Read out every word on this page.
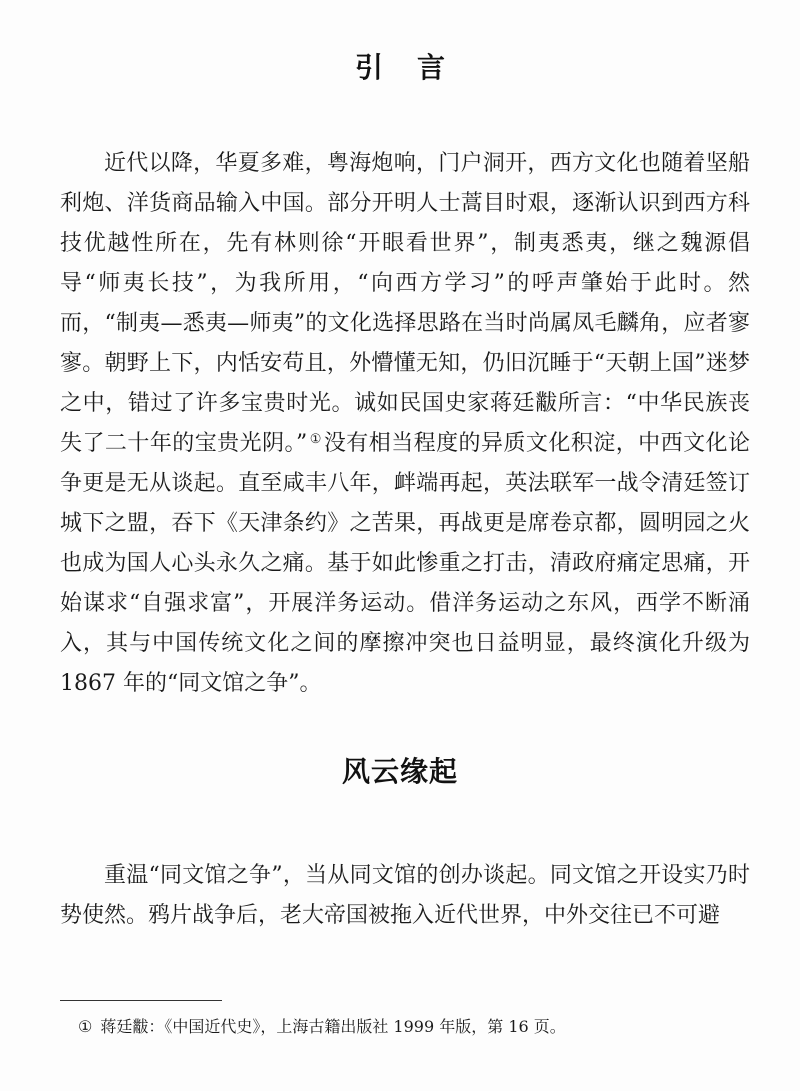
引 言

近代以降，华夏多难，粤海炮响，门户洞开，西方文化也随着坚船利炮、洋货商品输入中国。部分开明人士蒿目时艰，逐渐认识到西方科技优越性所在，先有林则徐“开眼看世界”，制夷悉夷，继之魏源倡导“师夷长技”，为我所用，“向西方学习”的呼声肇始于此时。然而，“制夷—悉夷—师夷”的文化选择思路在当时尚属凤毛麟角，应者寥寥。朝野上下，内恬安苟且，外懵懂无知，仍旧沉睡于“天朝上国”迷梦之中，错过了许多宝贵时光。诚如民国史家蒋廷黻所言：“中华民族丧失了二十年的宝贵光阴。” ①没有相当程度的异质文化积淀，中西文化论争更是无从谈起。直至咸丰八年，衅端再起，英法联军一战令清廷签订城下之盟，吞下《天津条约》之苦果，再战更是席卷京都，圆明园之火也成为国人心头永久之痛。基于如此惨重之打击，清政府痛定思痛，开始谋求“自强求富”，开展洋务运动。借洋务运动之东风，西学不断涌入，其与中国传统文化之间的摩擦冲突也日益明显，最终演化升级为 1867 年的“同文馆之争”。

风云缘起

重温“同文馆之争”，当从同文馆的创办谈起。同文馆之开设实乃时势使然。鸦片战争后，老大帝国被拖入近代世界，中外交往已不可避

① 蒋廷黻：《中国近代史》，上海古籍出版社 1999 年版，第 16 页。
